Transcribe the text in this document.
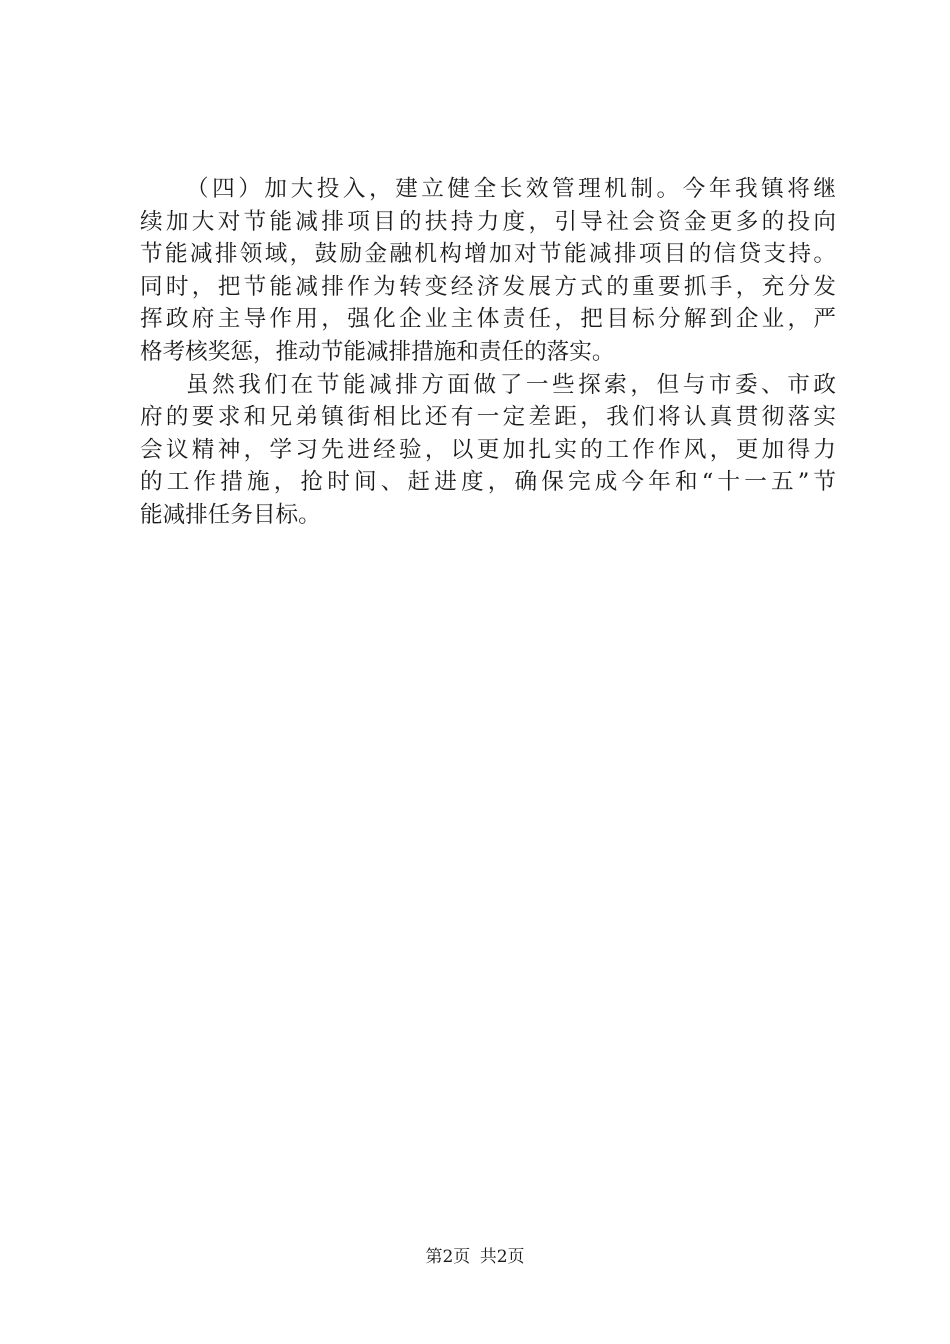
（四）加大投入，建立健全长效管理机制。今年我镇将继
续加大对节能减排项目的扶持力度，引导社会资金更多的投向
节能减排领域，鼓励金融机构增加对节能减排项目的信贷支持。
同时，把节能减排作为转变经济发展方式的重要抓手，充分发
挥政府主导作用，强化企业主体责任，把目标分解到企业，严
格考核奖惩，推动节能减排措施和责任的落实。
虽然我们在节能减排方面做了一些探索，但与市委、市政
府的要求和兄弟镇街相比还有一定差距，我们将认真贯彻落实
会议精神，学习先进经验，以更加扎实的工作作风，更加得力
的工作措施，抢时间、赶进度，确保完成今年和“十一五”节
能减排任务目标。
第2页 共2页
